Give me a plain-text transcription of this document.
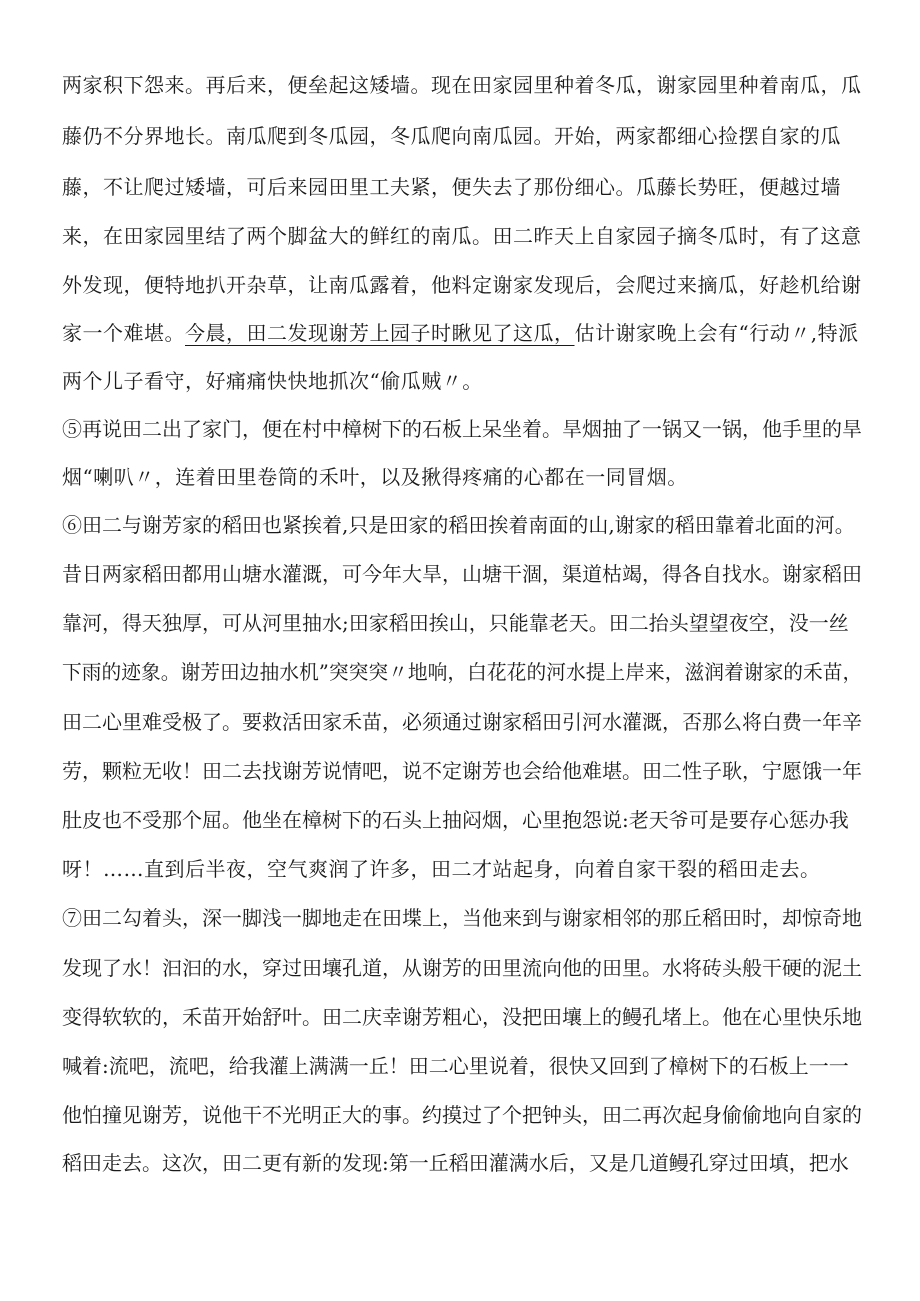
两家积下怨来。再后来，便垒起这矮墙。现在田家园里种着冬瓜，谢家园里种着南瓜，瓜
藤仍不分界地长。南瓜爬到冬瓜园，冬瓜爬向南瓜园。开始，两家都细心捡摆自家的瓜
藤，不让爬过矮墙，可后来园田里工夫紧，便失去了那份细心。瓜藤长势旺，便越过墙
来，在田家园里结了两个脚盆大的鲜红的南瓜。田二昨天上自家园子摘冬瓜时，有了这意
外发现，便特地扒开杂草，让南瓜露着，他料定谢家发现后，会爬过来摘瓜，好趁机给谢
家一个难堪。今晨，田二发现谢芳上园子时瞅见了这瓜，估计谢家晚上会有“行动〃,特派
两个儿子看守，好痛痛快快地抓次“偷瓜贼〃。
⑤再说田二出了家门，便在村中樟树下的石板上呆坐着。旱烟抽了一锅又一锅，他手里的旱
烟“喇叭〃，连着田里卷筒的禾叶，以及揪得疼痛的心都在一同冒烟。
⑥田二与谢芳家的稻田也紧挨着,只是田家的稻田挨着南面的山,谢家的稻田靠着北面的河。
昔日两家稻田都用山塘水灌溉，可今年大旱，山塘干涸，渠道枯竭，得各自找水。谢家稻田
靠河，得天独厚，可从河里抽水;田家稻田挨山，只能靠老天。田二抬头望望夜空，没一丝
下雨的迹象。谢芳田边抽水机”突突突〃地响，白花花的河水提上岸来，滋润着谢家的禾苗，
田二心里难受极了。要救活田家禾苗，必须通过谢家稻田引河水灌溉，否那么将白费一年辛
劳，颗粒无收！田二去找谢芳说情吧，说不定谢芳也会给他难堪。田二性子耿，宁愿饿一年
肚皮也不受那个屈。他坐在樟树下的石头上抽闷烟，心里抱怨说:老天爷可是要存心惩办我
呀！……直到后半夜，空气爽润了许多，田二才站起身，向着自家干裂的稻田走去。
⑦田二勾着头，深一脚浅一脚地走在田堞上，当他来到与谢家相邻的那丘稻田时，却惊奇地
发现了水！汩汩的水，穿过田壤孔道，从谢芳的田里流向他的田里。水将砖头般干硬的泥土
变得软软的，禾苗开始舒叶。田二庆幸谢芳粗心，没把田壤上的鳗孔堵上。他在心里快乐地
喊着:流吧，流吧，给我灌上满满一丘！田二心里说着，很快又回到了樟树下的石板上一一
他怕撞见谢芳，说他干不光明正大的事。约摸过了个把钟头，田二再次起身偷偷地向自家的
稻田走去。这次，田二更有新的发现:第一丘稻田灌满水后，又是几道鳗孔穿过田填，把水
